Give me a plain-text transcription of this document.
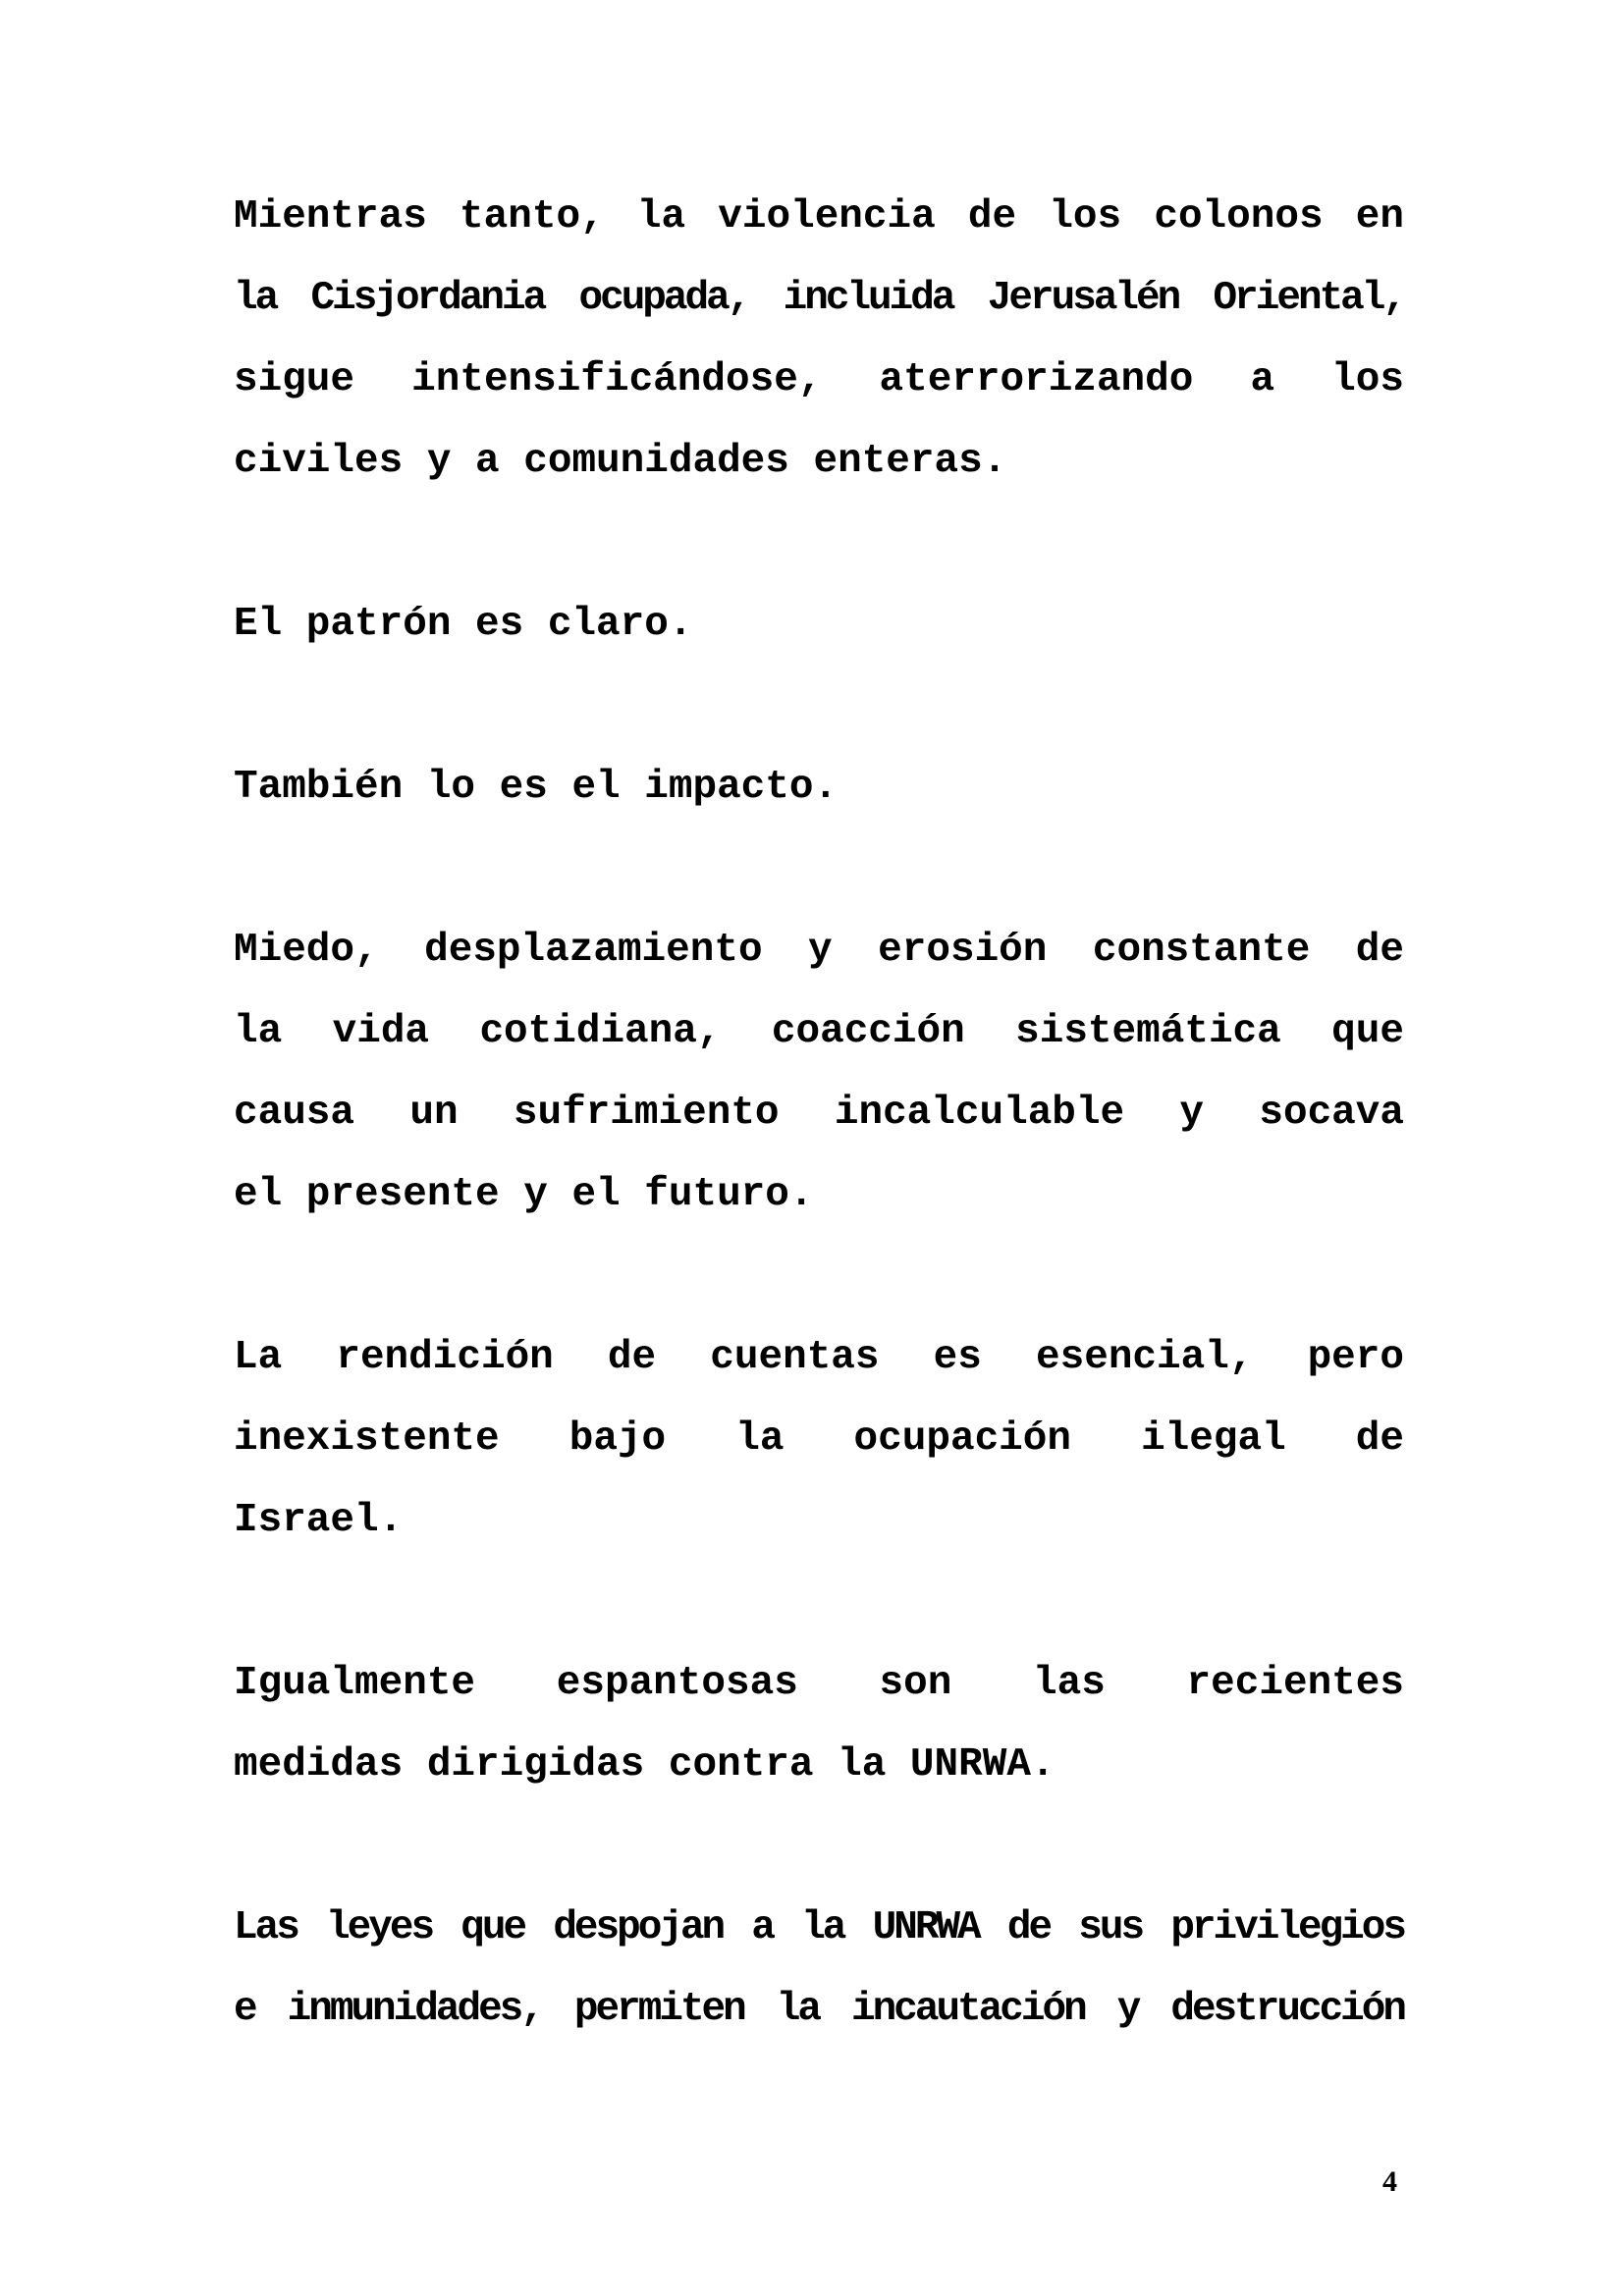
Mientras tanto, la violencia de los colonos en
la Cisjordania ocupada, incluida Jerusalén Oriental,
sigue intensificándose, aterrorizando a los
civiles y a comunidades enteras.
El patrón es claro.
También lo es el impacto.
Miedo, desplazamiento y erosión constante de
la vida cotidiana, coacción sistemática que
causa un sufrimiento incalculable y socava
el presente y el futuro.
La rendición de cuentas es esencial, pero
inexistente bajo la ocupación ilegal de
Israel.
Igualmente espantosas son las recientes
medidas dirigidas contra la UNRWA.
Las leyes que despojan a la UNRWA de sus privilegios
e inmunidades, permiten la incautación y destrucción
4
